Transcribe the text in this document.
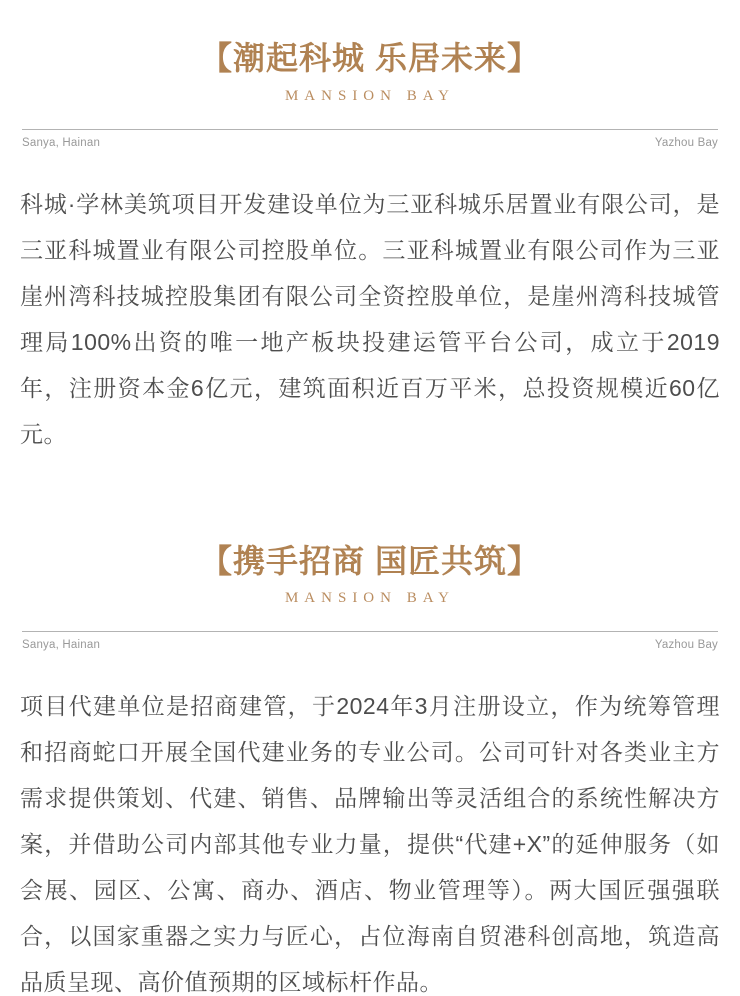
【潮起科城 乐居未来】
MANSION BAY
Sanya, Hainan	Yazhou Bay

科城·学林美筑项目开发建设单位为三亚科城乐居置业有限公司，是三亚科城置业有限公司控股单位。三亚科城置业有限公司作为三亚崖州湾科技城控股集团有限公司全资控股单位，是崖州湾科技城管理局100%出资的唯一地产板块投建运管平台公司，成立于2019年，注册资本金6亿元，建筑面积近百万平米，总投资规模近60亿元。

【携手招商 国匠共筑】
MANSION BAY
Sanya, Hainan	Yazhou Bay

项目代建单位是招商建管，于2024年3月注册设立，作为统筹管理和招商蛇口开展全国代建业务的专业公司。公司可针对各类业主方需求提供策划、代建、销售、品牌输出等灵活组合的系统性解决方案，并借助公司内部其他专业力量，提供“代建+X”的延伸服务（如会展、园区、公寓、商办、酒店、物业管理等）。两大国匠强强联合，以国家重器之实力与匠心，占位海南自贸港科创高地，筑造高品质呈现、高价值预期的区域标杆作品。
